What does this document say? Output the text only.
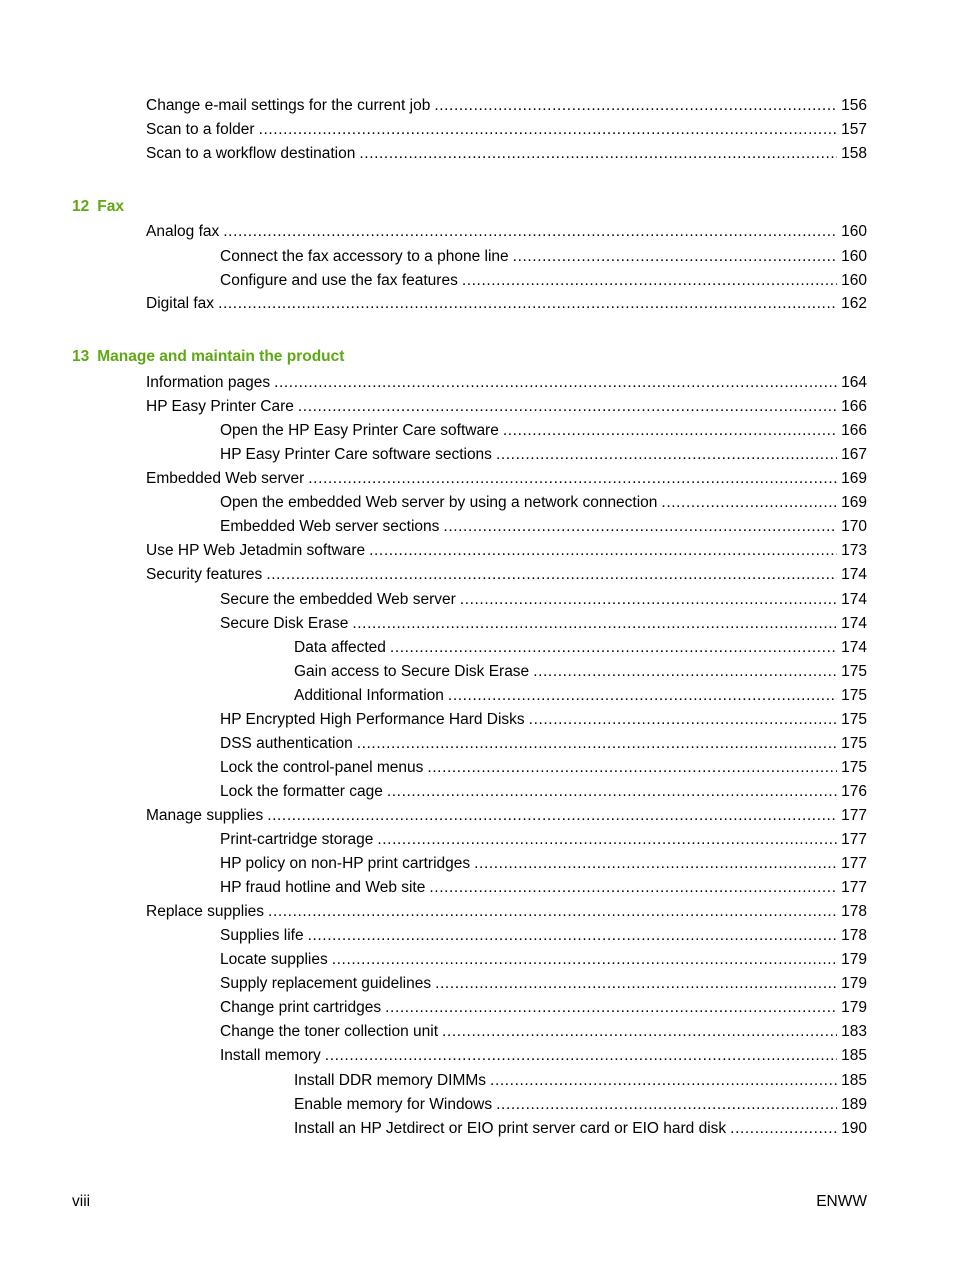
Change e-mail settings for the current job .....	156
Scan to a folder .....	157
Scan to a workflow destination .....	158
12 Fax
Analog fax .....	160
Connect the fax accessory to a phone line .....	160
Configure and use the fax features .....	160
Digital fax .....	162
13 Manage and maintain the product
Information pages .....	164
HP Easy Printer Care .....	166
Open the HP Easy Printer Care software .....	166
HP Easy Printer Care software sections .....	167
Embedded Web server .....	169
Open the embedded Web server by using a network connection .....	169
Embedded Web server sections .....	170
Use HP Web Jetadmin software .....	173
Security features .....	174
Secure the embedded Web server .....	174
Secure Disk Erase .....	174
Data affected .....	174
Gain access to Secure Disk Erase .....	175
Additional Information .....	175
HP Encrypted High Performance Hard Disks .....	175
DSS authentication .....	175
Lock the control-panel menus .....	175
Lock the formatter cage .....	176
Manage supplies .....	177
Print-cartridge storage .....	177
HP policy on non-HP print cartridges .....	177
HP fraud hotline and Web site .....	177
Replace supplies .....	178
Supplies life .....	178
Locate supplies .....	179
Supply replacement guidelines .....	179
Change print cartridges .....	179
Change the toner collection unit .....	183
Install memory .....	185
Install DDR memory DIMMs .....	185
Enable memory for Windows .....	189
Install an HP Jetdirect or EIO print server card or EIO hard disk .....	190
viii	ENWW
